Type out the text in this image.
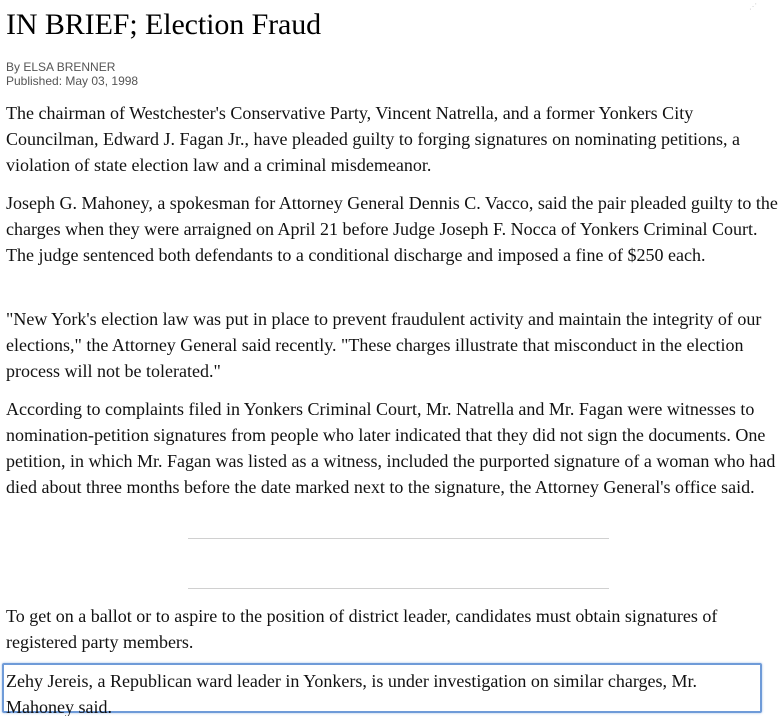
⋰
IN BRIEF; Election Fraud
By ELSA BRENNER
Published: May 03, 1998

The chairman of Westchester's Conservative Party, Vincent Natrella, and a former Yonkers City Councilman, Edward J. Fagan Jr., have pleaded guilty to forging signatures on nominating petitions, a violation of state election law and a criminal misdemeanor.

Joseph G. Mahoney, a spokesman for Attorney General Dennis C. Vacco, said the pair pleaded guilty to the charges when they were arraigned on April 21 before Judge Joseph F. Nocca of Yonkers Criminal Court. The judge sentenced both defendants to a conditional discharge and imposed a fine of $250 each.

"New York's election law was put in place to prevent fraudulent activity and maintain the integrity of our elections," the Attorney General said recently. "These charges illustrate that misconduct in the election process will not be tolerated."

According to complaints filed in Yonkers Criminal Court, Mr. Natrella and Mr. Fagan were witnesses to nomination-petition signatures from people who later indicated that they did not sign the documents. One petition, in which Mr. Fagan was listed as a witness, included the purported signature of a woman who had died about three months before the date marked next to the signature, the Attorney General's office said.

To get on a ballot or to aspire to the position of district leader, candidates must obtain signatures of registered party members.

Zehy Jereis, a Republican ward leader in Yonkers, is under investigation on similar charges, Mr. Mahoney said.
